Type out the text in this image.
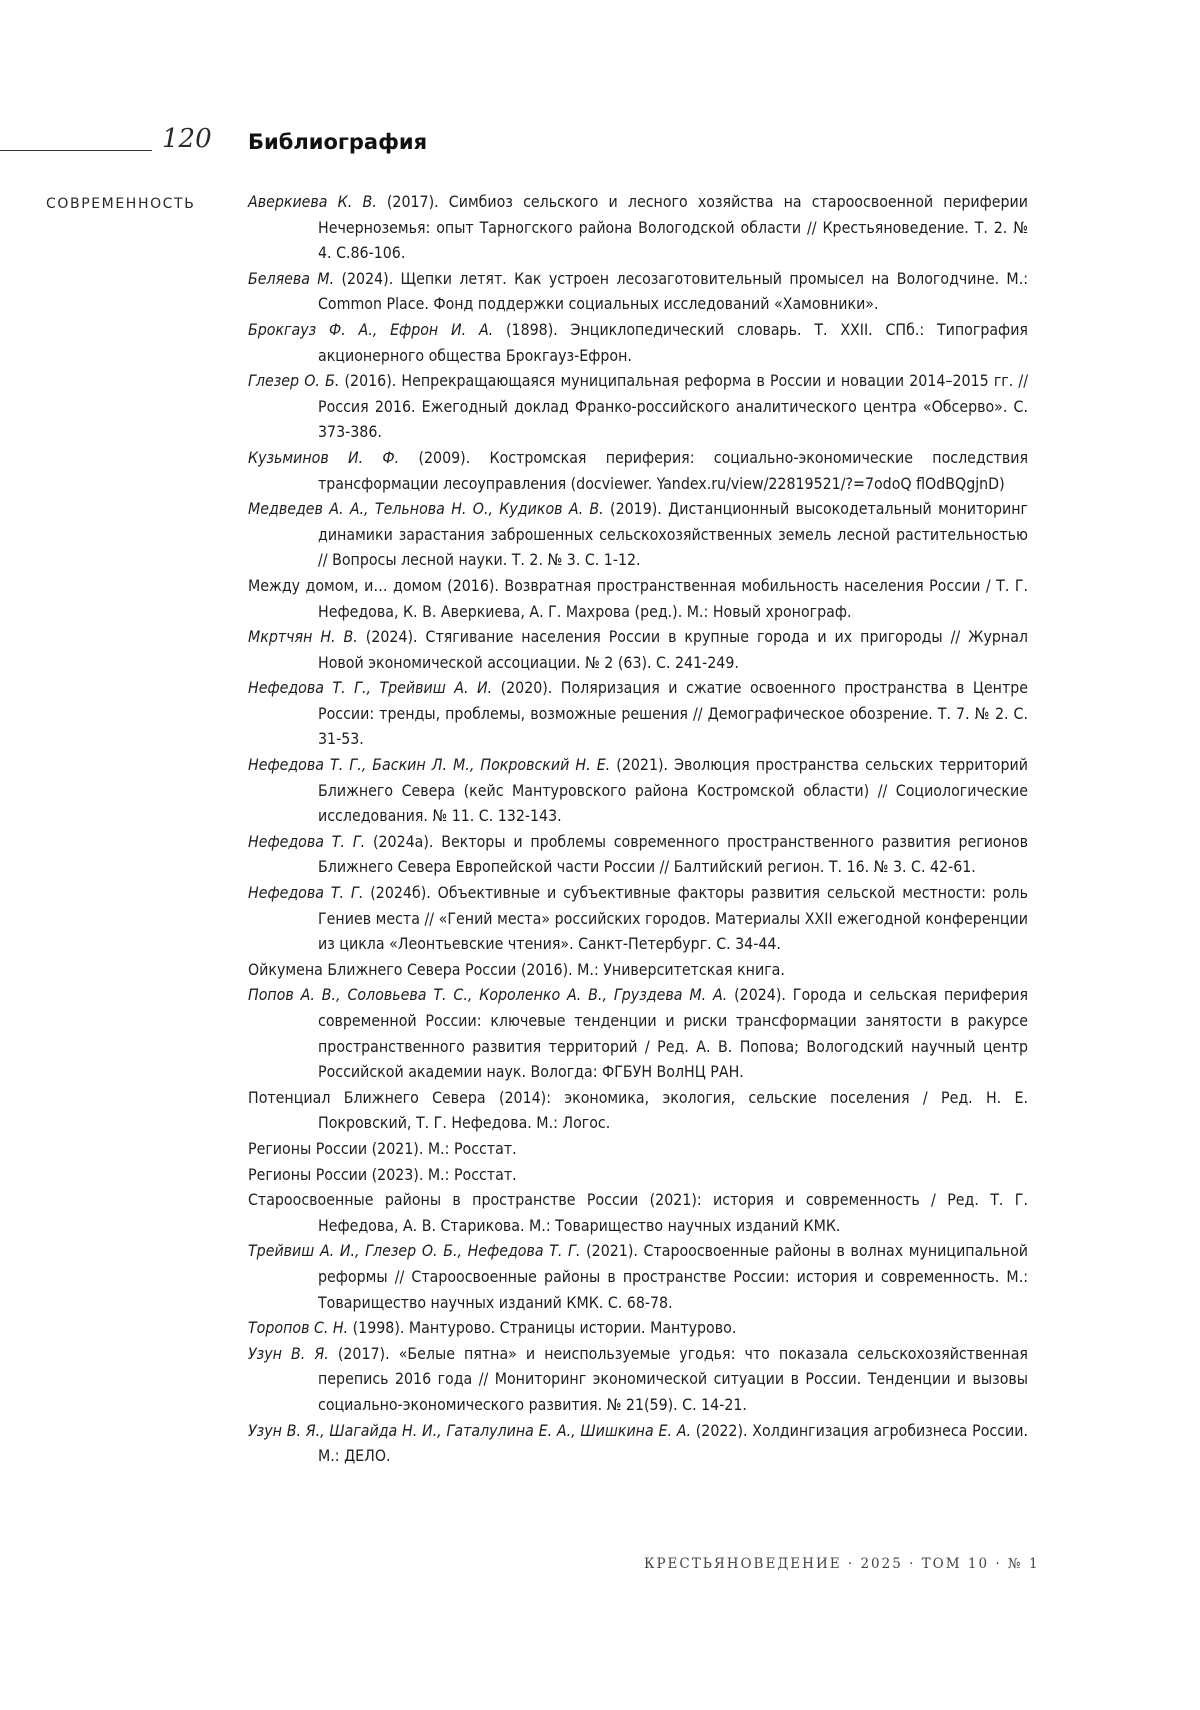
120 Библиография
СОВРЕМЕННОСТЬ	Аверкиева К. В. (2017). Симбиоз сельского и лесного хозяйства на староосвоенной периферии Нечерноземья: опыт Тарногского района Вологодской области // Крестьяноведение. Т. 2. № 4. С.86-106.
Беляева М. (2024). Щепки летят. Как устроен лесозаготовительный промысел на Вологодчине. М.: Common Place. Фонд поддержки социальных исследований «Хамовники».
Брокгауз Ф. А., Ефрон И. А. (1898). Энциклопедический словарь. Т. XXII. СПб.: Типография акционерного общества Брокгауз-Ефрон.
Глезер О. Б. (2016). Непрекращающаяся муниципальная реформа в России и новации 2014–2015 гг. // Россия 2016. Ежегодный доклад Франко-российского аналитического центра «Обсерво». С. 373-386.
Кузьминов И. Ф. (2009). Костромская периферия: социально-экономические последствия трансформации лесоуправления (docviewer. Yandex.ru/view/22819521/?=7odoQ flOdBQgjnD)
Медведев А. А., Тельнова Н. О., Кудиков А. В. (2019). Дистанционный высокодетальный мониторинг динамики зарастания заброшенных сельскохозяйственных земель лесной растительностью // Вопросы лесной науки. Т. 2. № 3. С. 1-12.
Между домом, и… домом (2016). Возвратная пространственная мобильность населения России / Т. Г. Нефедова, К. В. Аверкиева, А. Г. Махрова (ред.). М.: Новый хронограф.
Мкртчян Н. В. (2024). Стягивание населения России в крупные города и их пригороды // Журнал Новой экономической ассоциации. № 2 (63). С. 241-249.
Нефедова Т. Г., Трейвиш А. И. (2020). Поляризация и сжатие освоенного пространства в Центре России: тренды, проблемы, возможные решения // Демографическое обозрение. Т. 7. № 2. С. 31-53.
Нефедова Т. Г., Баскин Л. М., Покровский Н. Е. (2021). Эволюция пространства сельских территорий Ближнего Севера (кейс Мантуровского района Костромской области) // Социологические исследования. № 11. С. 132-143.
Нефедова Т. Г. (2024а). Векторы и проблемы современного пространственного развития регионов Ближнего Севера Европейской части России // Балтийский регион. Т. 16. № 3. С. 42-61.
Нефедова Т. Г. (2024б). Объективные и субъективные факторы развития сельской местности: роль Гениев места // «Гений места» российских городов. Материалы XXII ежегодной конференции из цикла «Леонтьевские чтения». Санкт-Петербург. С. 34-44.
Ойкумена Ближнего Севера России (2016). М.: Университетская книга.
Попов А. В., Соловьева Т. С., Короленко А. В., Груздева М. А. (2024). Города и сельская периферия современной России: ключевые тенденции и риски трансформации занятости в ракурсе пространственного развития территорий / Ред. А. В. Попова; Вологодский научный центр Российской академии наук. Вологда: ФГБУН ВолНЦ РАН.
Потенциал Ближнего Севера (2014): экономика, экология, сельские поселения / Ред. Н. Е. Покровский, Т. Г. Нефедова. М.: Логос.
Регионы России (2021). М.: Росстат.
Регионы России (2023). М.: Росстат.
Староосвоенные районы в пространстве России (2021): история и современность / Ред. Т. Г. Нефедова, А. В. Старикова. М.: Товарищество научных изданий КМК.
Трейвиш А. И., Глезер О. Б., Нефедова Т. Г. (2021). Староосвоенные районы в волнах муниципальной реформы // Староосвоенные районы в пространстве России: история и современность. М.: Товарищество научных изданий КМК. С. 68-78.
Торопов С. Н. (1998). Мантурово. Страницы истории. Мантурово.
Узун В. Я. (2017). «Белые пятна» и неиспользуемые угодья: что показала сельскохозяйственная перепись 2016 года // Мониторинг экономической ситуации в России. Тенденции и вызовы социально-экономического развития. № 21(59). С. 14-21.
Узун В. Я., Шагайда Н. И., Гаталулина Е. А., Шишкина Е. А. (2022). Холдингизация агробизнеса России. М.: ДЕЛО.
КРЕСТЬЯНОВЕДЕНИЕ · 2025 · ТОМ 10 · № 1
